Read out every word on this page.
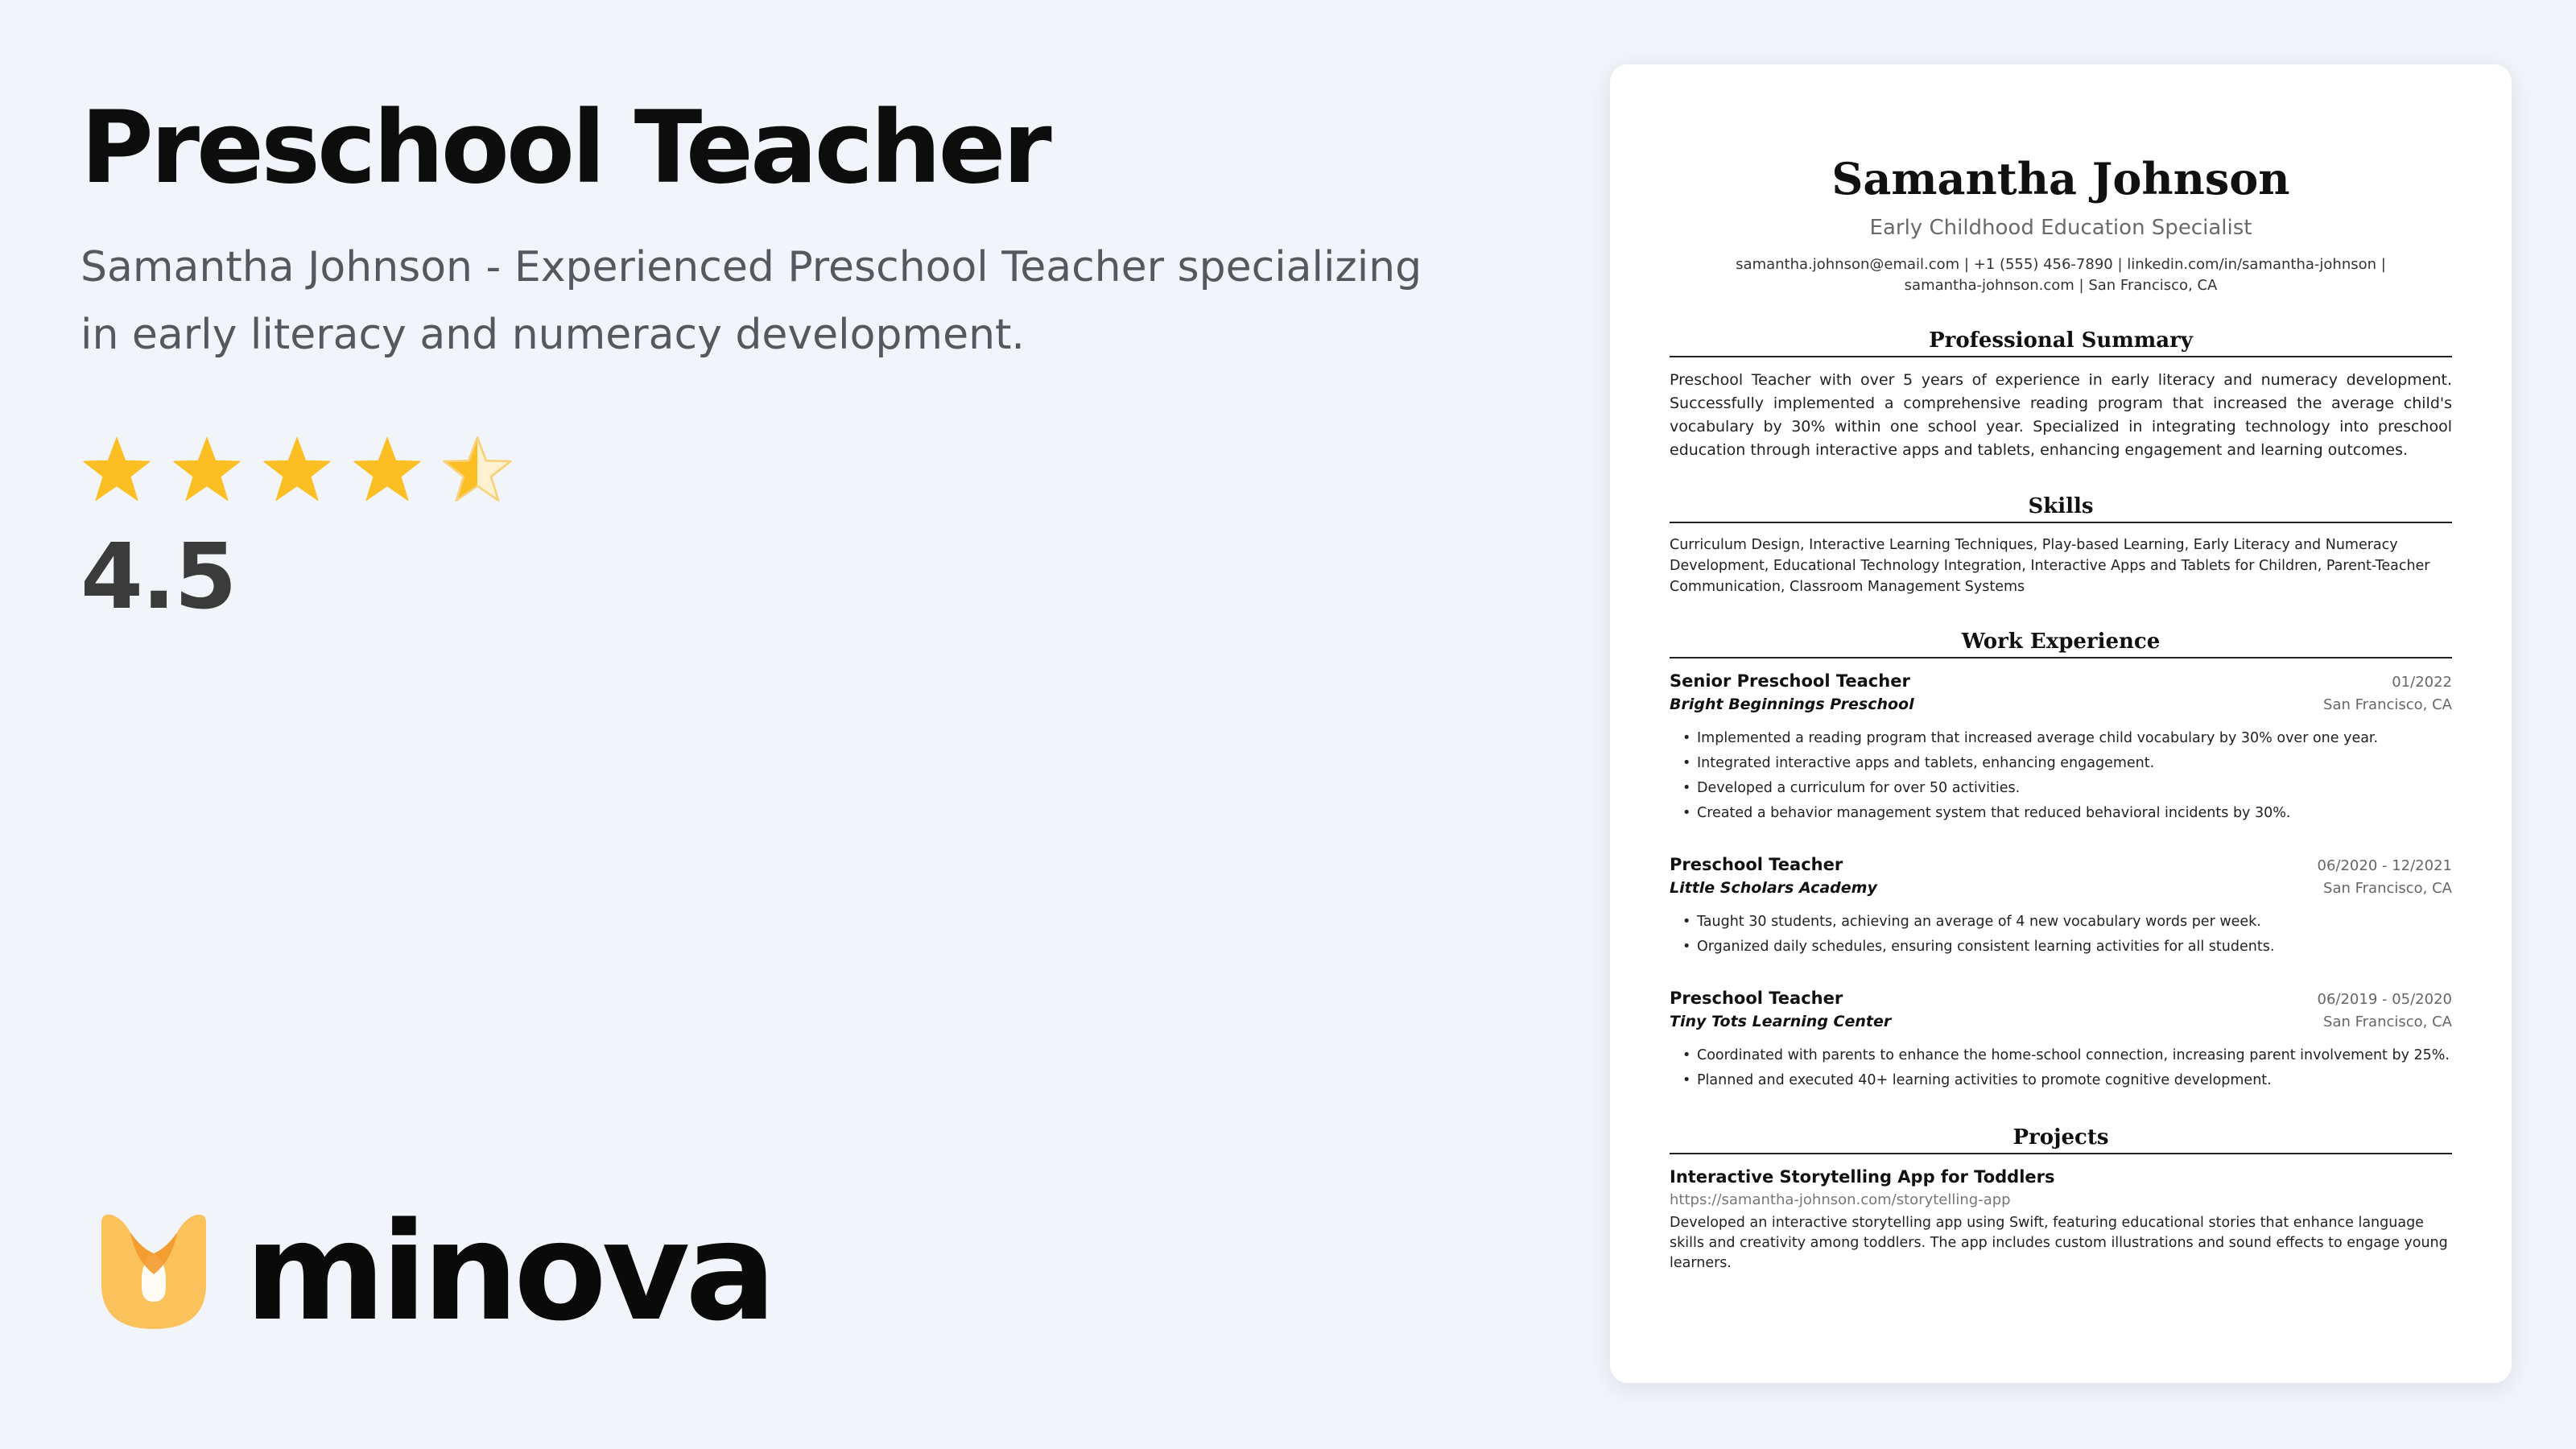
Preschool Teacher

Samantha Johnson - Experienced Preschool Teacher specializing in early literacy and numeracy development.

4.5
minova
Samantha Johnson
Early Childhood Education Specialist
samantha.johnson@email.com | +1 (555) 456-7890 | linkedin.com/in/samantha-johnson |
samantha-johnson.com | San Francisco, CA
Professional Summary
Preschool Teacher with over 5 years of experience in early literacy and numeracy development. Successfully implemented a comprehensive reading program that increased the average child's vocabulary by 30% within one school year. Specialized in integrating technology into preschool education through interactive apps and tablets, enhancing engagement and learning outcomes.
Skills
Curriculum Design, Interactive Learning Techniques, Play-based Learning, Early Literacy and Numeracy Development, Educational Technology Integration, Interactive Apps and Tablets for Children, Parent-Teacher Communication, Classroom Management Systems
Work Experience
Senior Preschool Teacher	01/2022
Bright Beginnings Preschool	San Francisco, CA
• Implemented a reading program that increased average child vocabulary by 30% over one year.
• Integrated interactive apps and tablets, enhancing engagement.
• Developed a curriculum for over 50 activities.
• Created a behavior management system that reduced behavioral incidents by 30%.
Preschool Teacher	06/2020 - 12/2021
Little Scholars Academy	San Francisco, CA
• Taught 30 students, achieving an average of 4 new vocabulary words per week.
• Organized daily schedules, ensuring consistent learning activities for all students.
Preschool Teacher	06/2019 - 05/2020
Tiny Tots Learning Center	San Francisco, CA
• Coordinated with parents to enhance the home-school connection, increasing parent involvement by 25%.
• Planned and executed 40+ learning activities to promote cognitive development.
Projects
Interactive Storytelling App for Toddlers
https://samantha-johnson.com/storytelling-app
Developed an interactive storytelling app using Swift, featuring educational stories that enhance language skills and creativity among toddlers. The app includes custom illustrations and sound effects to engage young learners.
